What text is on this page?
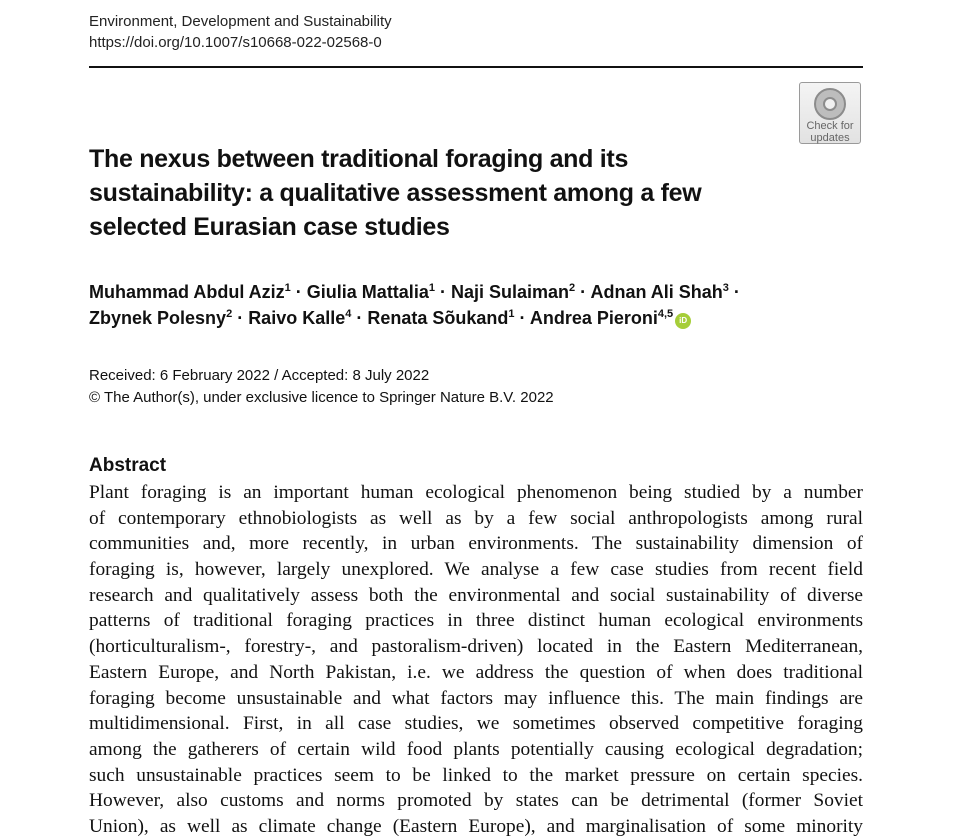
Environment, Development and Sustainability
https://doi.org/10.1007/s10668-022-02568-0
Check for
updates
The nexus between traditional foraging and its
sustainability: a qualitative assessment among a few
selected Eurasian case studies
Muhammad Abdul Aziz$^1$ · Giulia Mattalia$^1$ · Naji Sulaiman$^2$ · Adnan Ali Shah$^3$ ·
Zbynek Polesny$^2$ · Raivo Kalle$^4$ · Renata Sõukand$^1$ · Andrea Pieroni$^{4,5}$iD
Received: 6 February 2022 / Accepted: 8 July 2022
© The Author(s), under exclusive licence to Springer Nature B.V. 2022
Abstract
Plant foraging is an important human ecological phenomenon being studied by a number
of contemporary ethnobiologists as well as by a few social anthropologists among rural
communities and, more recently, in urban environments. The sustainability dimension of
foraging is, however, largely unexplored. We analyse a few case studies from recent field
research and qualitatively assess both the environmental and social sustainability of diverse
patterns of traditional foraging practices in three distinct human ecological environments
(horticulturalism-, forestry-, and pastoralism-driven) located in the Eastern Mediterranean,
Eastern Europe, and North Pakistan, i.e. we address the question of when does traditional
foraging become unsustainable and what factors may influence this. The main findings are
multidimensional. First, in all case studies, we sometimes observed competitive foraging
among the gatherers of certain wild food plants potentially causing ecological degradation;
such unsustainable practices seem to be linked to the market pressure on certain species.
However, also customs and norms promoted by states can be detrimental (former Soviet
Union), as well as climate change (Eastern Europe), and marginalisation of some minority
